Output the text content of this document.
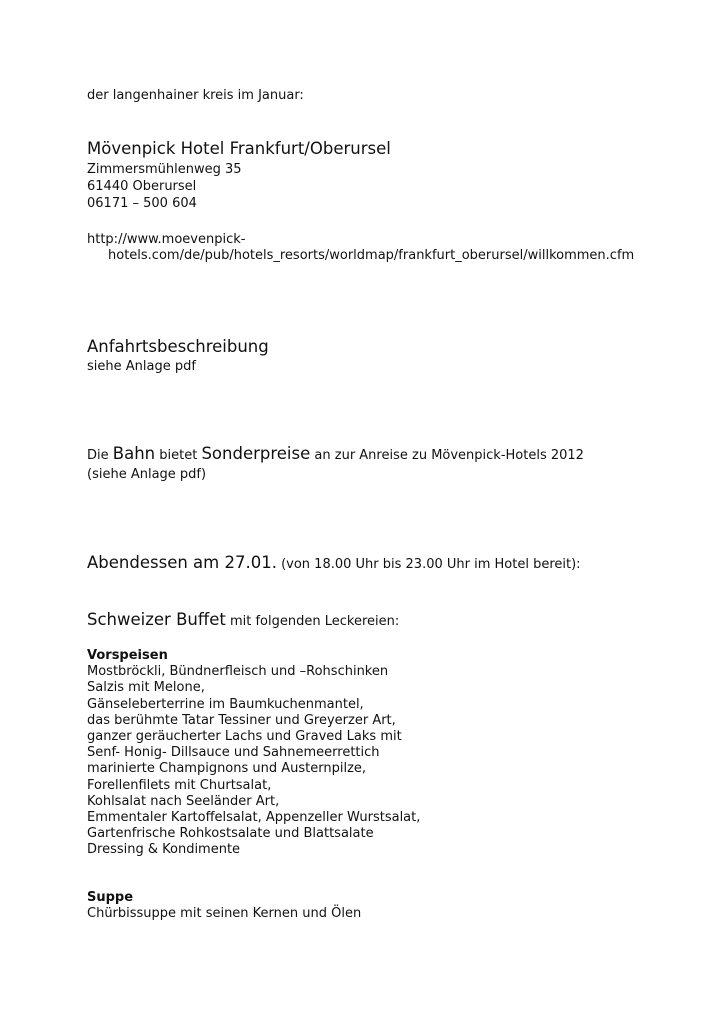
der langenhainer kreis im Januar:
Mövenpick Hotel Frankfurt/Oberursel
Zimmersmühlenweg 35
61440 Oberursel
06171 – 500 604
http://www.moevenpick-
hotels.com/de/pub/hotels_resorts/worldmap/frankfurt_oberursel/willkommen.cfm
Anfahrtsbeschreibung
siehe Anlage pdf
Die Bahn bietet Sonderpreise an zur Anreise zu Mövenpick-Hotels 2012
(siehe Anlage pdf)
Abendessen am 27.01. (von 18.00 Uhr bis 23.00 Uhr im Hotel bereit):
Schweizer Buffet mit folgenden Leckereien:
Vorspeisen
Mostbröckli, Bündnerfleisch und –Rohschinken
Salzis mit Melone,
Gänseleberterrine im Baumkuchenmantel,
das berühmte Tatar Tessiner und Greyerzer Art,
ganzer geräucherter Lachs und Graved Laks mit
Senf- Honig- Dillsauce und Sahnemeerrettich
marinierte Champignons und Austernpilze,
Forellenfilets mit Churtsalat,
Kohlsalat nach Seeländer Art,
Emmentaler Kartoffelsalat, Appenzeller Wurstsalat,
Gartenfrische Rohkostsalate und Blattsalate
Dressing & Kondimente
Suppe
Chürbissuppe mit seinen Kernen und Ölen
